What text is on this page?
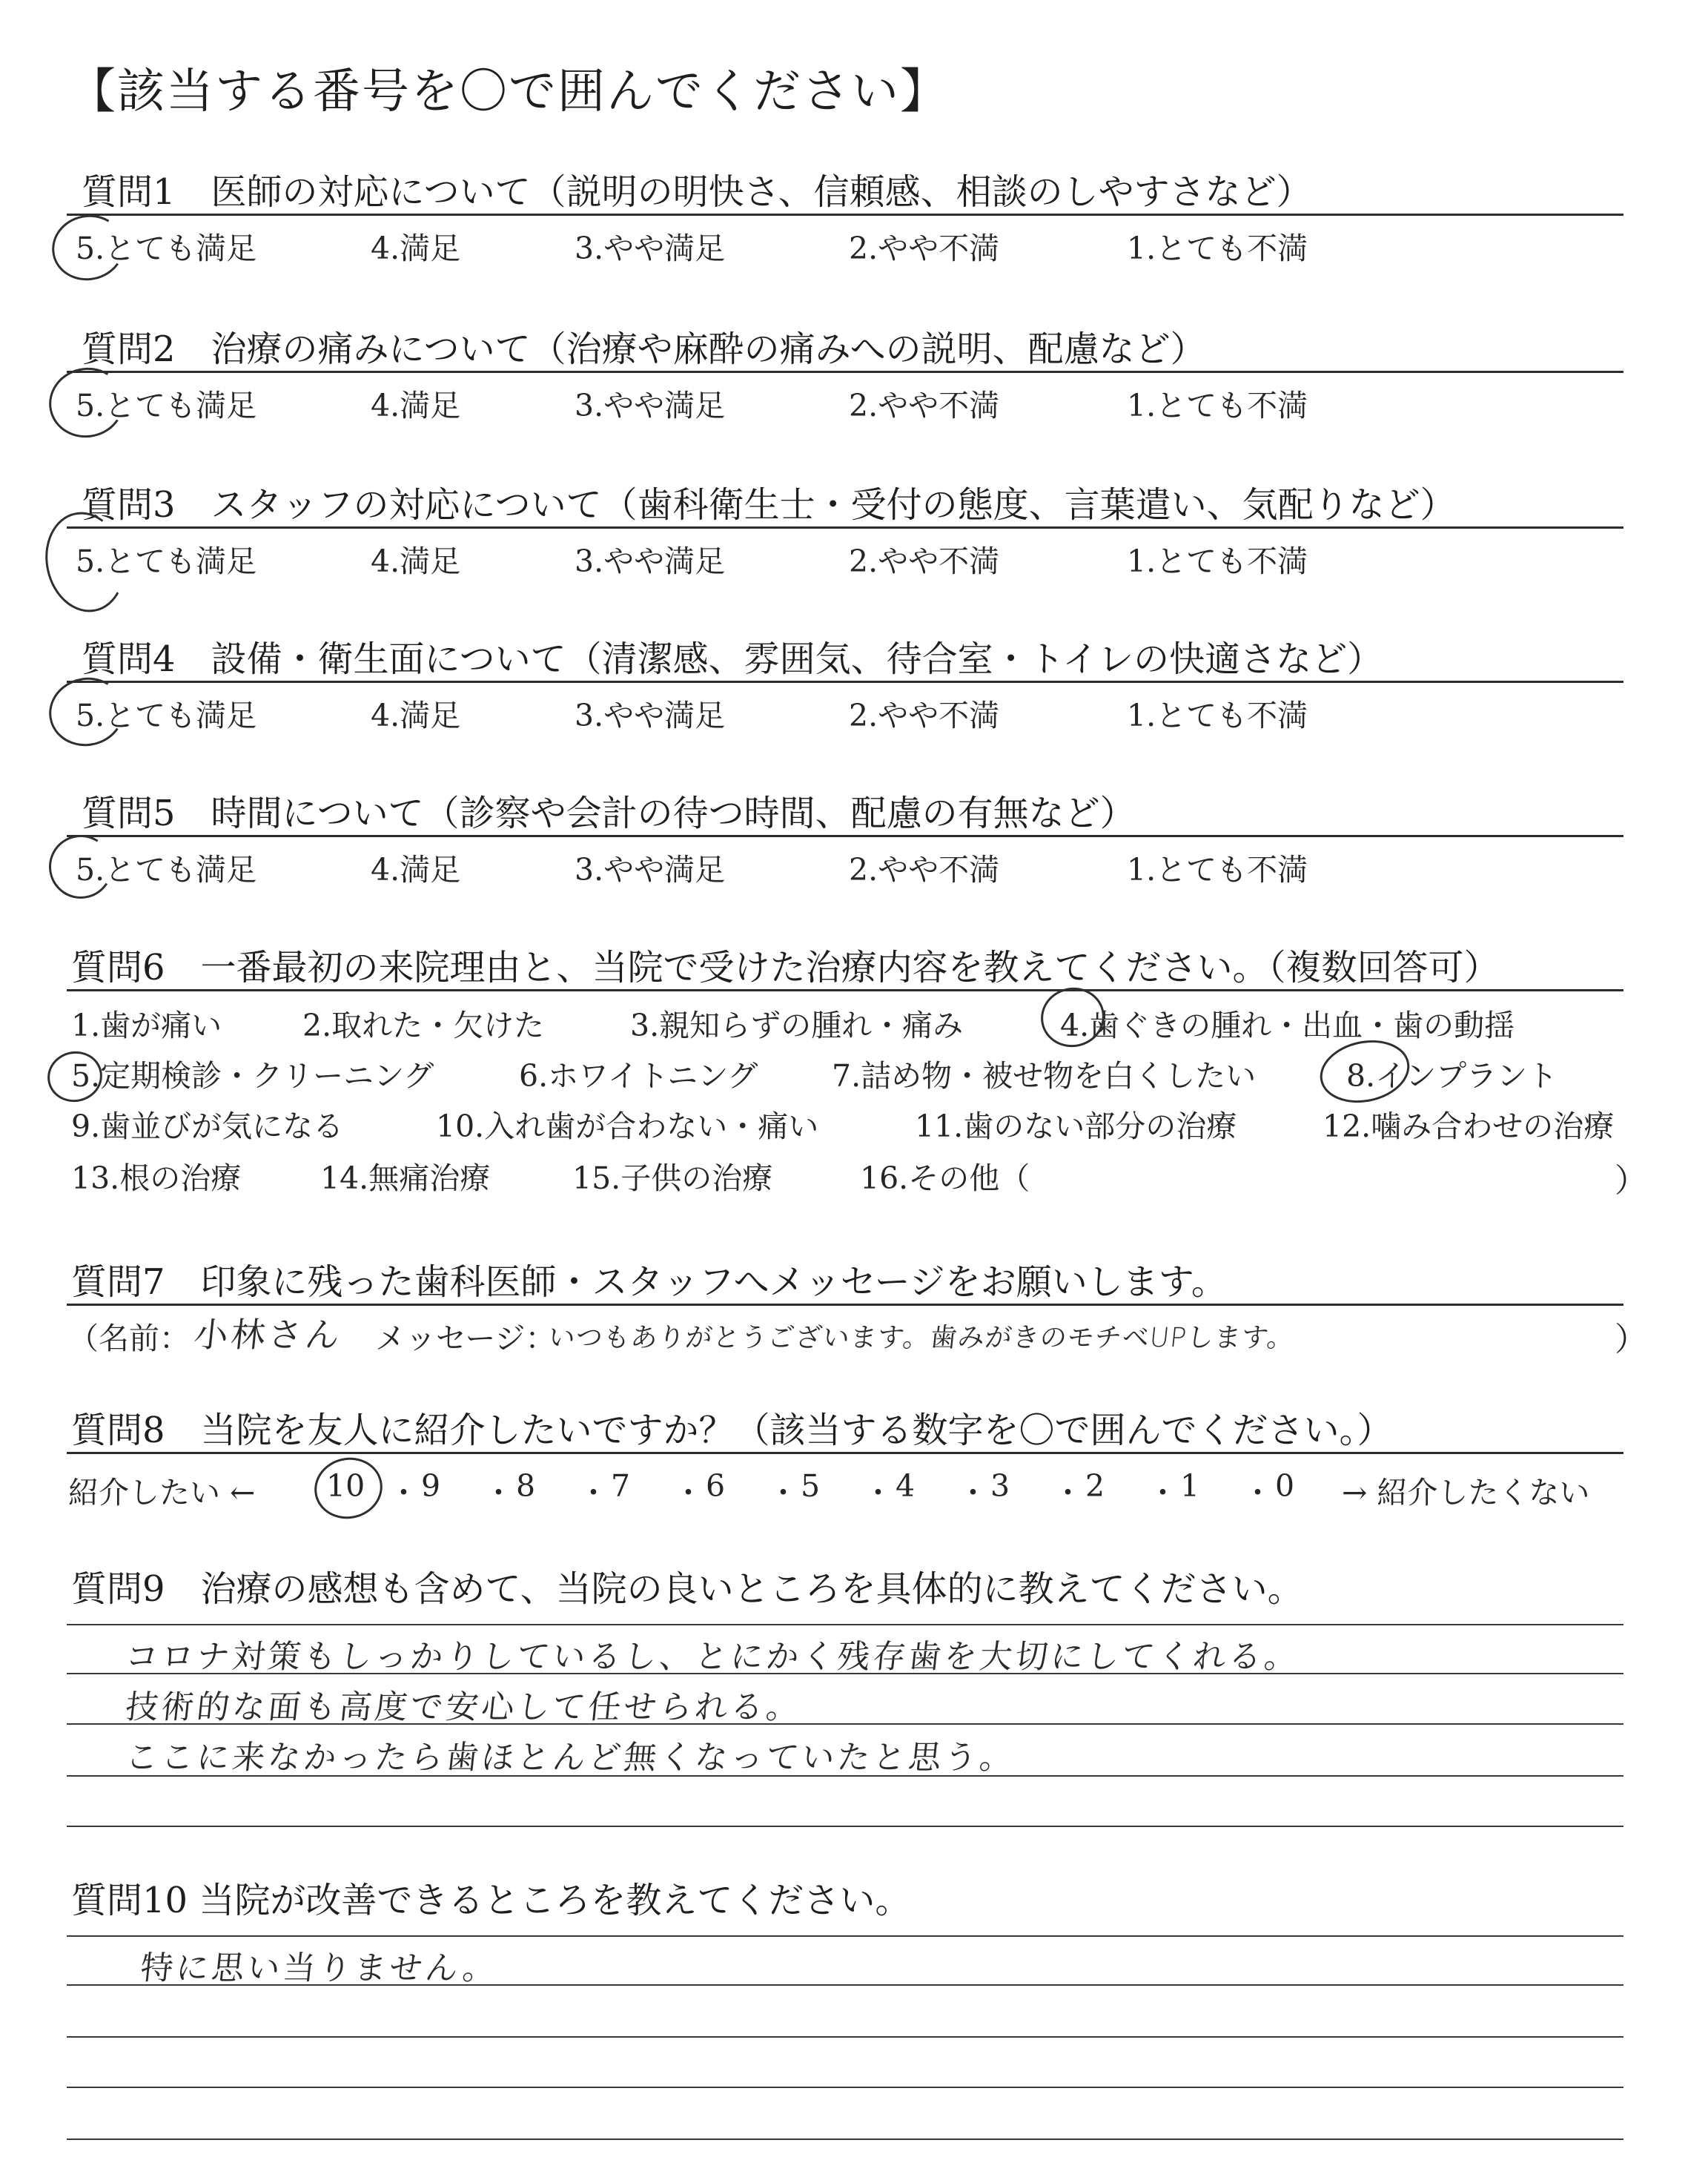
【該当する番号を〇で囲んでください】
質問1　医師の対応について（説明の明快さ、信頼感、相談のしやすさなど）
5.とても満足	4.満足	3.やや満足	2.やや不満	1.とても不満
質問2　治療の痛みについて（治療や麻酔の痛みへの説明、配慮など）
5.とても満足	4.満足	3.やや満足	2.やや不満	1.とても不満
質問3　スタッフの対応について（歯科衛生士・受付の態度、言葉遣い、気配りなど）
5.とても満足	4.満足	3.やや満足	2.やや不満	1.とても不満
質問4　設備・衛生面について（清潔感、雰囲気、待合室・トイレの快適さなど）
5.とても満足	4.満足	3.やや満足	2.やや不満	1.とても不満
質問5　時間について（診察や会計の待つ時間、配慮の有無など）
5.とても満足	4.満足	3.やや満足	2.やや不満	1.とても不満
質問6　一番最初の来院理由と、当院で受けた治療内容を教えてください。（複数回答可）
1.歯が痛い	2.取れた・欠けた	3.親知らずの腫れ・痛み	4.歯ぐきの腫れ・出血・歯の動揺
5.定期検診・クリーニング	6.ホワイトニング 7.詰め物・被せ物を白くしたい	8.インプラント
9.歯並びが気になる	10.入れ歯が合わない・痛い	11.歯のない部分の治療	12.噛み合わせの治療
13.根の治療	14.無痛治療	15.子供の治療	16.その他（	）
質問7　印象に残った歯科医師・スタッフへメッセージをお願いします。
（名前： 小林さん メッセージ：
いつもありがとうございます。歯みがきのモチベUPします。	）
質問8　当院を友人に紹介したいですか？（該当する数字を〇で囲んでください。）
紹介したい ← 10 ・ 9 ・ 8 ・ 7 ・ 6 ・ 5 ・ 4 ・ 3 ・ 2 ・ 1 ・ 0 → 紹介したくない
質問9　治療の感想も含めて、当院の良いところを具体的に教えてください。
コロナ対策もしっかりしているし、とにかく残存歯を大切にしてくれる。
技術的な面も高度で安心して任せられる。
ここに来なかったら歯ほとんど無くなっていたと思う。
質問10 当院が改善できるところを教えてください。
特に思い当りません。
